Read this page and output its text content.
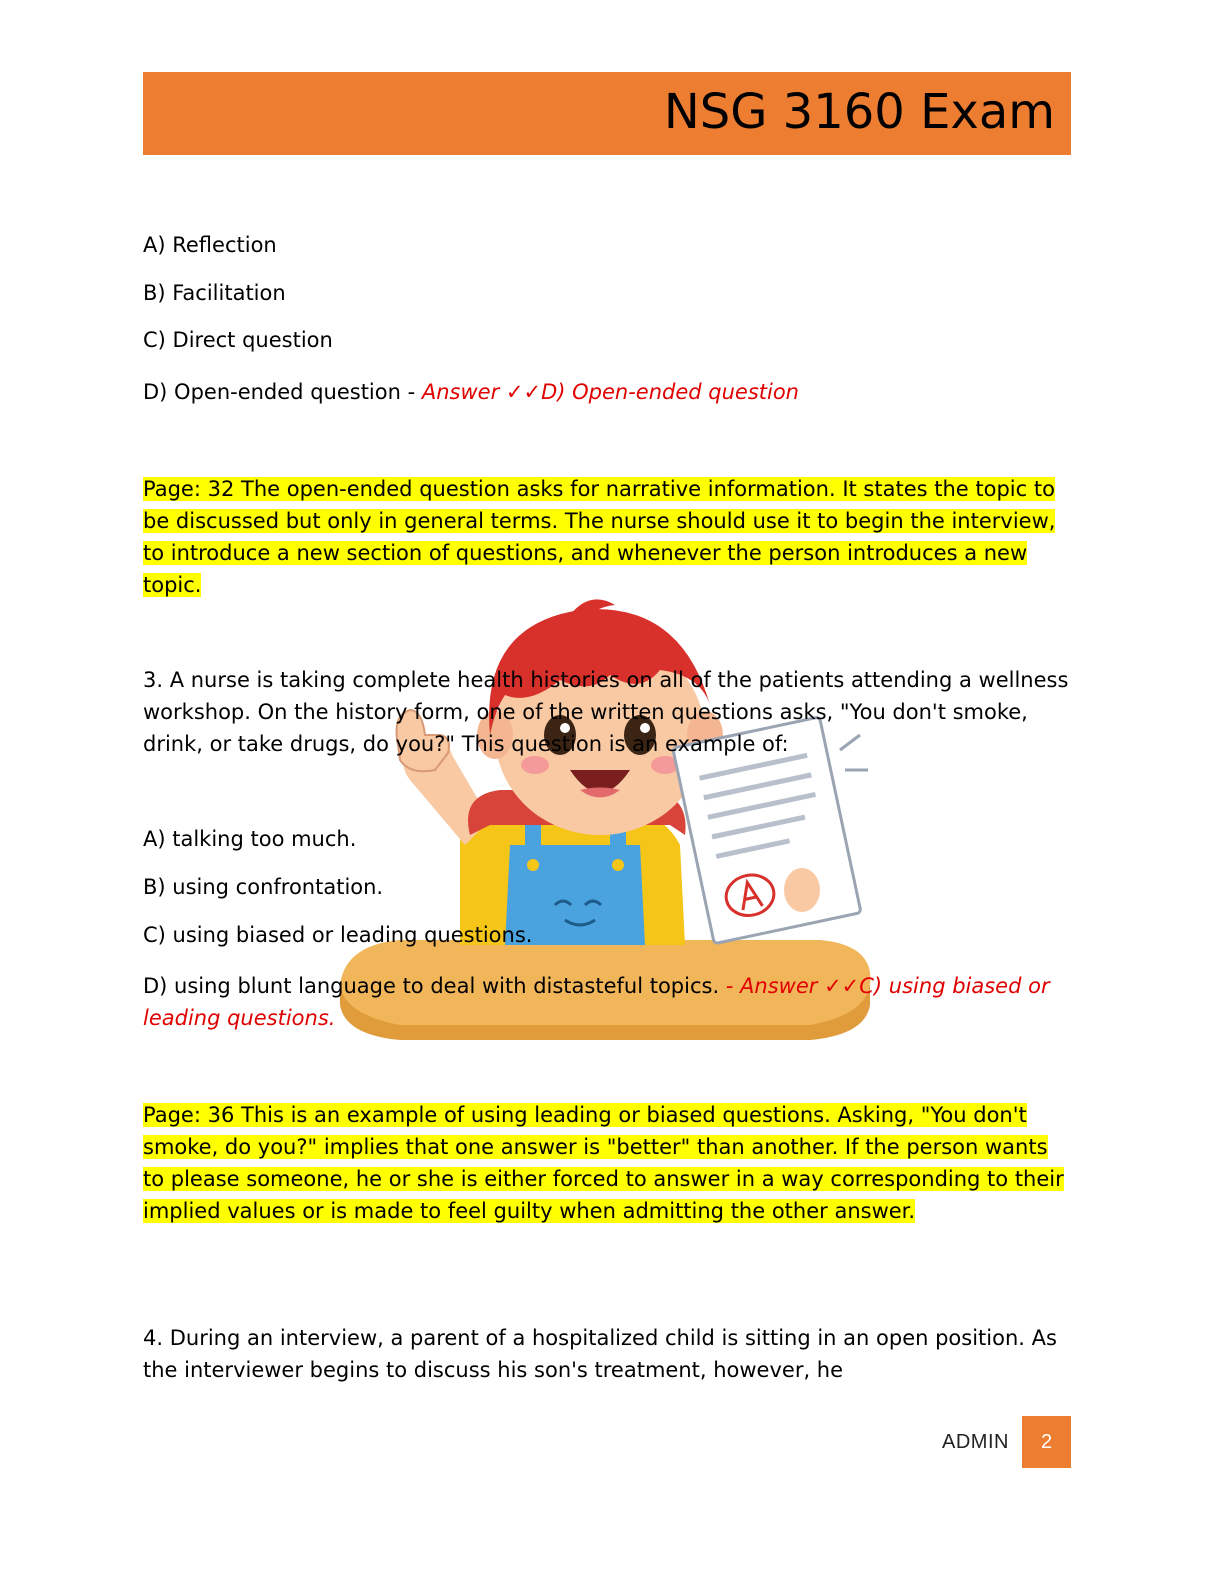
NSG 3160 Exam
A) Reflection
B) Facilitation
C) Direct question
D) Open-ended question - Answer ✓✓D) Open-ended question
Page: 32 The open-ended question asks for narrative information. It states the topic to be discussed but only in general terms. The nurse should use it to begin the interview, to introduce a new section of questions, and whenever the person introduces a new topic.
3. A nurse is taking complete health histories on all of the patients attending a wellness workshop. On the history form, one of the written questions asks, "You don't smoke, drink, or take drugs, do you?" This question is an example of:
A) talking too much.
B) using confrontation.
C) using biased or leading questions.
D) using blunt language to deal with distasteful topics. - Answer ✓✓C) using biased or leading questions.
Page: 36 This is an example of using leading or biased questions. Asking, "You don't smoke, do you?" implies that one answer is "better" than another. If the person wants to please someone, he or she is either forced to answer in a way corresponding to their implied values or is made to feel guilty when admitting the other answer.
4. During an interview, a parent of a hospitalized child is sitting in an open position. As the interviewer begins to discuss his son's treatment, however, he
ADMIN	2
